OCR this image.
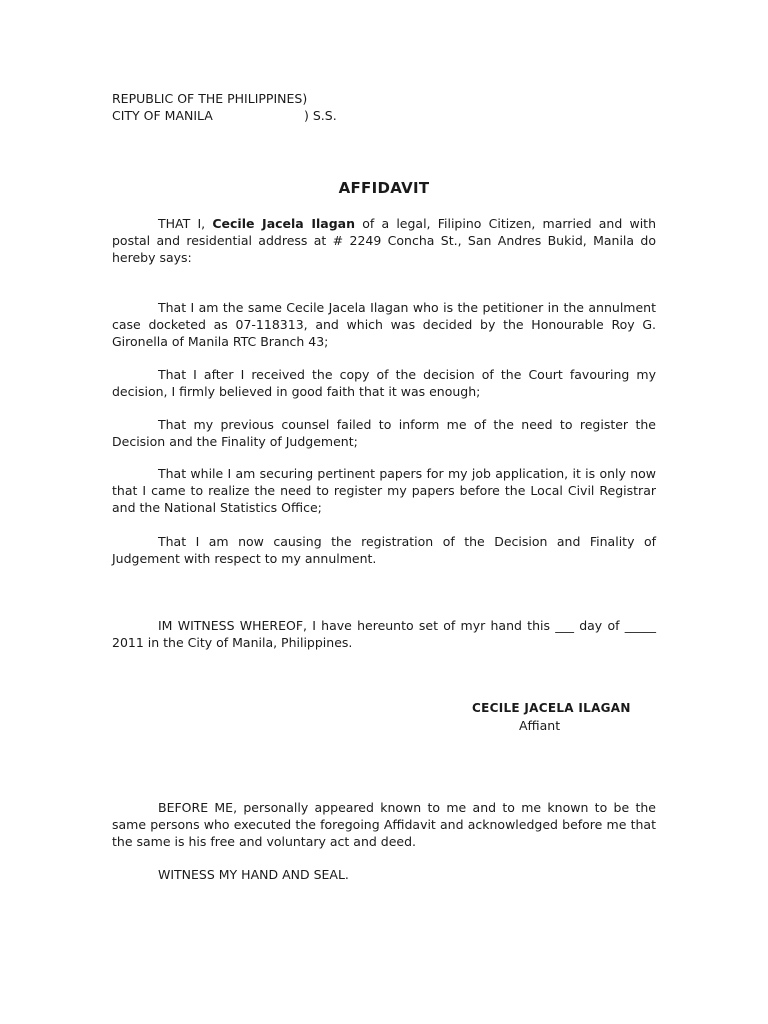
REPUBLIC OF THE PHILIPPINES)
CITY OF MANILA	) S.S.
AFFIDAVIT
THAT I, Cecile Jacela Ilagan of a legal, Filipino Citizen, married and with postal and residential address at # 2249 Concha St., San Andres Bukid, Manila do hereby says:
That I am the same Cecile Jacela Ilagan who is the petitioner in the annulment case docketed as 07-118313, and which was decided by the Honourable Roy G. Gironella of Manila RTC Branch 43;
That I after I received the copy of the decision of the Court favouring my decision, I firmly believed in good faith that it was enough;
That my previous counsel failed to inform me of the need to register the Decision and the Finality of Judgement;
That while I am securing pertinent papers for my job application, it is only now that I came to realize the need to register my papers before the Local Civil Registrar and the National Statistics Office;
That I am now causing the registration of the Decision and Finality of Judgement with respect to my annulment.
IM WITNESS WHEREOF, I have hereunto set of myr hand this ___ day of _____ 2011 in the City of Manila, Philippines.
CECILE JACELA ILAGAN
Affiant
BEFORE ME, personally appeared known to me and to me known to be the same persons who executed the foregoing Affidavit and acknowledged before me that the same is his free and voluntary act and deed.
WITNESS MY HAND AND SEAL.
